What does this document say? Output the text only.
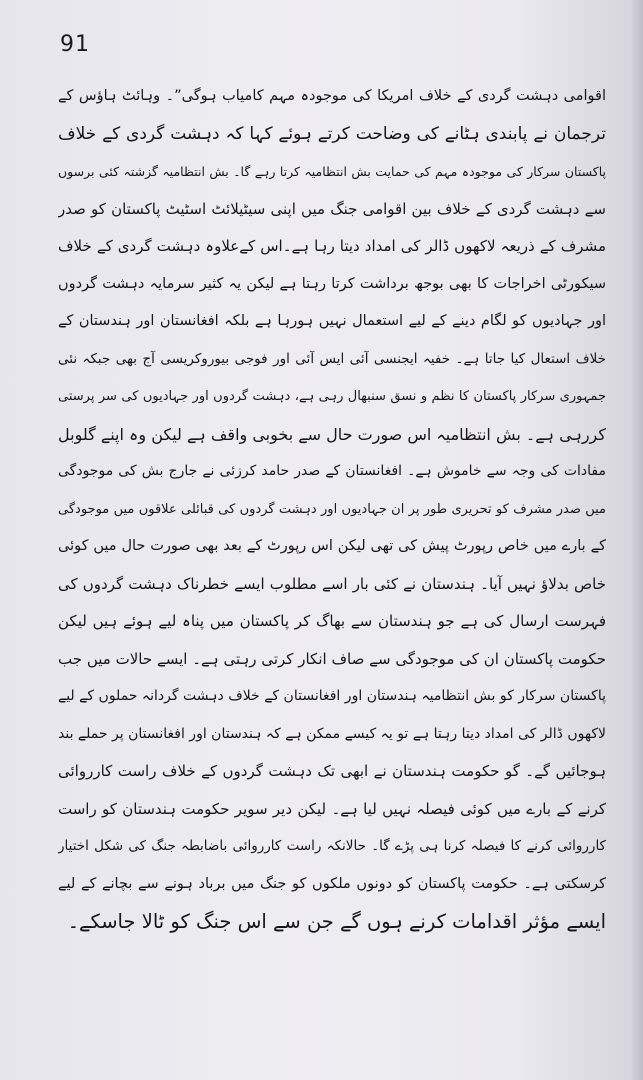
91
اقوامی دہشت گردی کے خلاف امریکا کی موجودہ مہم کامیاب ہوگی”۔ وہائٹ ہاؤس کے
ترجمان نے پابندی ہٹانے کی وضاحت کرتے ہوئے کہا کہ دہشت گردی کے خلاف
پاکستان سرکار کی موجودہ مہم کی حمایت بش انتظامیہ کرتا رہے گا۔ بش انتظامیہ گزشتہ کئی برسوں
سے دہشت گردی کے خلاف بین اقوامی جنگ میں اپنی سیٹیلائٹ اسٹیٹ پاکستان کو صدر
مشرف کے ذریعہ لاکھوں ڈالر کی امداد دیتا رہا ہے۔اس کےعلاوہ دہشت گردی کے خلاف
سیکورٹی اخراجات کا بھی بوجھ برداشت کرتا رہتا ہے لیکن یہ کثیر سرمایہ دہشت گردوں
اور جہادیوں کو لگام دینے کے لیے استعمال نہیں ہورہا ہے بلکہ افغانستان اور ہندستان کے
خلاف استعال کیا جاتا ہے۔ خفیہ ایجنسی آئی ایس آئی اور فوجی بیوروکریسی آج بھی جبکہ نئی
جمہوری سرکار پاکستان کا نظم و نسق سنبھال رہی ہے، دہشت گردوں اور جہادیوں کی سر پرستی
کررہی ہے۔ بش انتظامیہ اس صورت حال سے بخوبی واقف ہے لیکن وہ اپنے گلوبل
مفادات کی وجہ سے خاموش ہے۔ افغانستان کے صدر حامد کرزئی نے جارج بش کی موجودگی
میں صدر مشرف کو تحریری طور پر ان جہادیوں اور دہشت گردوں کی قبائلی علاقوں میں موجودگی
کے بارے میں خاص رپورٹ پیش کی تھی لیکن اس رپورٹ کے بعد بھی صورت حال میں کوئی
خاص بدلاؤ نہیں آیا۔ ہندستان نے کئی بار اسے مطلوب ایسے خطرناک دہشت گردوں کی
فہرست ارسال کی ہے جو ہندستان سے بھاگ کر پاکستان میں پناہ لیے ہوئے ہیں لیکن
حکومت پاکستان ان کی موجودگی سے صاف انکار کرتی رہتی ہے۔ ایسے حالات میں جب
پاکستان سرکار کو بش انتظامیہ ہندستان اور افغانستان کے خلاف دہشت گردانہ حملوں کے لیے
لاکھوں ڈالر کی امداد دیتا رہتا ہے تو یہ کیسے ممکن ہے کہ ہندستان اور افغانستان پر حملے بند
ہوجائیں گے۔ گو حکومت ہندستان نے ابھی تک دہشت گردوں کے خلاف راست کارروائی
کرنے کے بارے میں کوئی فیصلہ نہیں لیا ہے۔ لیکن دیر سویر حکومت ہندستان کو راست
کارروائی کرنے کا فیصلہ کرنا ہی پڑے گا۔ حالانکہ راست کارروائی باضابطہ جنگ کی شکل اختیار
کرسکتی ہے۔ حکومت پاکستان کو دونوں ملکوں کو جنگ میں برباد ہونے سے بچانے کے لیے
ایسے مؤثر اقدامات کرنے ہوں گے جن سے اس جنگ کو ٹالا جاسکے۔
